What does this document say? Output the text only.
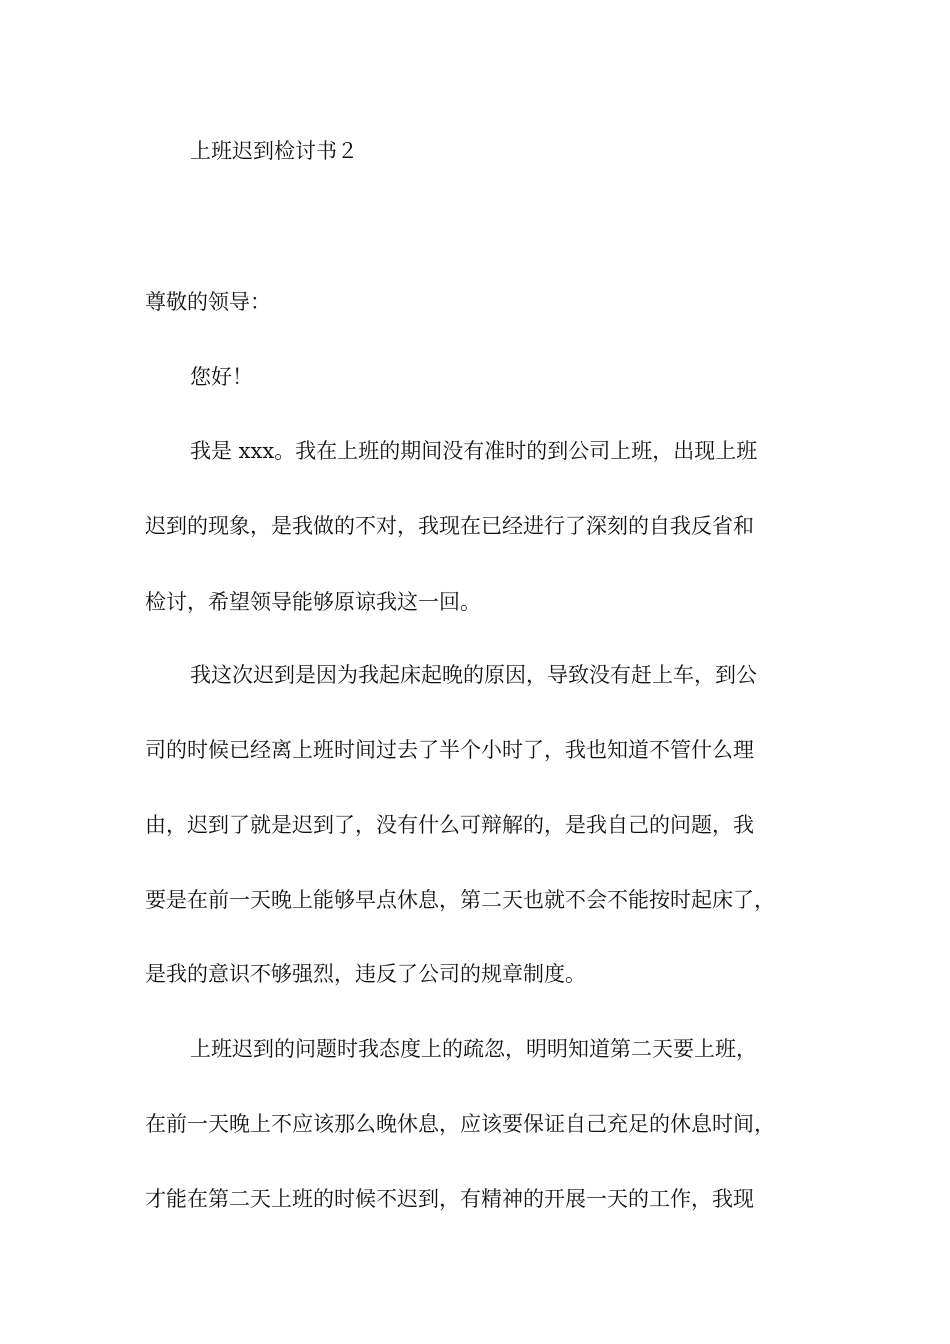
上班迟到检讨书２
尊敬的领导：
您好！
我是 xxx。我在上班的期间没有准时的到公司上班，出现上班
迟到的现象，是我做的不对，我现在已经进行了深刻的自我反省和
检讨，希望领导能够原谅我这一回。
我这次迟到是因为我起床起晚的原因，导致没有赶上车，到公
司的时候已经离上班时间过去了半个小时了，我也知道不管什么理
由，迟到了就是迟到了，没有什么可辩解的，是我自己的问题，我
要是在前一天晚上能够早点休息，第二天也就不会不能按时起床了，
是我的意识不够强烈，违反了公司的规章制度。
上班迟到的问题时我态度上的疏忽，明明知道第二天要上班，
在前一天晚上不应该那么晚休息，应该要保证自己充足的休息时间，
才能在第二天上班的时候不迟到，有精神的开展一天的工作，我现
